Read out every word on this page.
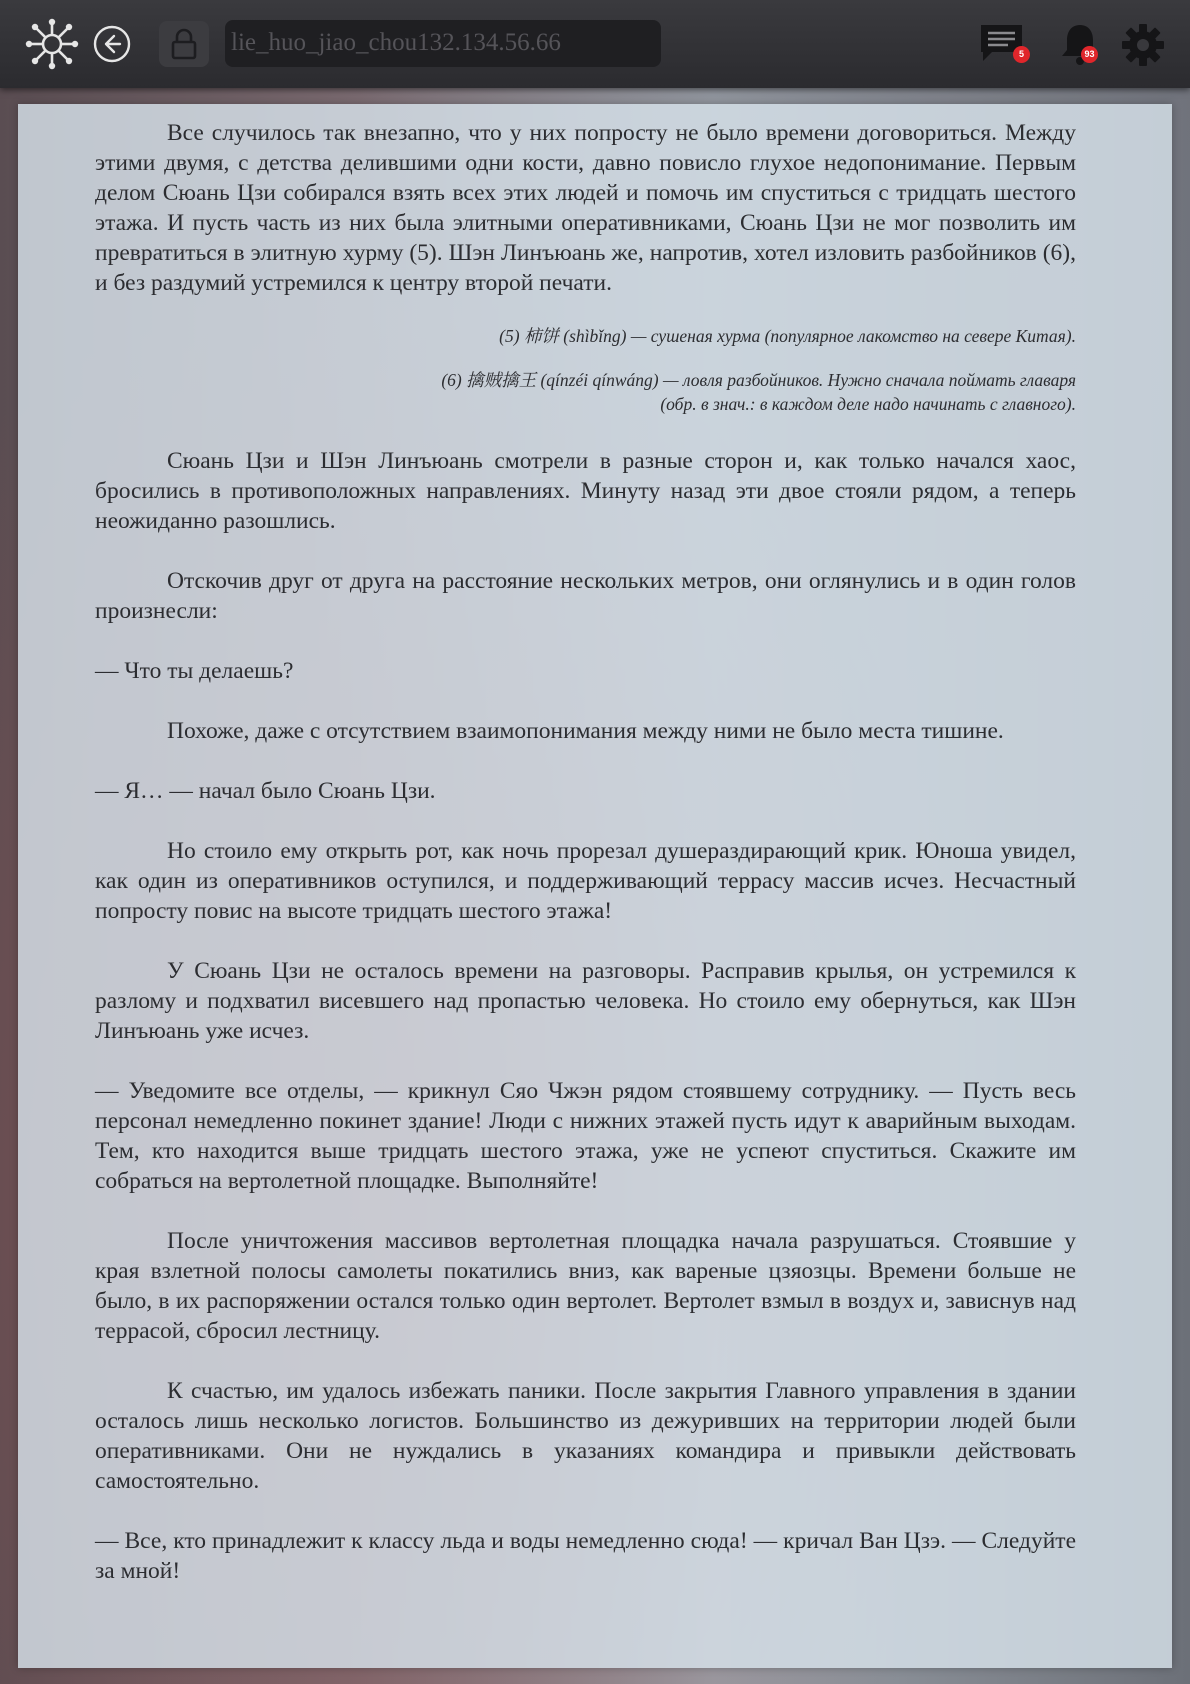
lie_huo_jiao_chou132.134.56.66	5	93

Все случилось так внезапно, что у них попросту не было времени договориться. Между этими двумя, с детства делившими одни кости, давно повисло глухое недопонимание. Первым делом Сюань Цзи собирался взять всех этих людей и помочь им спуститься с тридцать шестого этажа. И пусть часть из них была элитными оперативниками, Сюань Цзи не мог позволить им превратиться в элитную хурму (5). Шэн Линъюань же, напротив, хотел изловить разбойников (6), и без раздумий устремился к центру второй печати.

(5) 柿饼 (shìbǐng) — сушеная хурма (популярное лакомство на севере Китая).

(6) 擒贼擒王 (qínzéi qínwáng) — ловля разбойников. Нужно сначала поймать главаря
(обр. в знач.: в каждом деле надо начинать с главного).

Сюань Цзи и Шэн Линъюань смотрели в разные сторон и, как только начался хаос, бросились в противоположных направлениях. Минуту назад эти двое стояли рядом, а теперь неожиданно разошлись.

Отскочив друг от друга на расстояние нескольких метров, они оглянулись и в один голов произнесли:

— Что ты делаешь?

Похоже, даже с отсутствием взаимопонимания между ними не было места тишине.

— Я… — начал было Сюань Цзи.

Но стоило ему открыть рот, как ночь прорезал душераздирающий крик. Юноша увидел, как один из оперативников оступился, и поддерживающий террасу массив исчез. Несчастный попросту повис на высоте тридцать шестого этажа!

У Сюань Цзи не осталось времени на разговоры. Расправив крылья, он устремился к разлому и подхватил висевшего над пропастью человека. Но стоило ему обернуться, как Шэн Линъюань уже исчез.

— Уведомите все отделы, — крикнул Сяо Чжэн рядом стоявшему сотруднику. — Пусть весь персонал немедленно покинет здание! Люди с нижних этажей пусть идут к аварийным выходам. Тем, кто находится выше тридцать шестого этажа, уже не успеют спуститься. Скажите им собраться на вертолетной площадке. Выполняйте!

После уничтожения массивов вертолетная площадка начала разрушаться. Стоявшие у края взлетной полосы самолеты покатились вниз, как вареные цзяозцы. Времени больше не было, в их распоряжении остался только один вертолет. Вертолет взмыл в воздух и, зависнув над террасой, сбросил лестницу.

К счастью, им удалось избежать паники. После закрытия Главного управления в здании осталось лишь несколько логистов. Большинство из дежуривших на территории людей были оперативниками. Они не нуждались в указаниях командира и привыкли действовать самостоятельно.

— Все, кто принадлежит к классу льда и воды немедленно сюда! — кричал Ван Цзэ. — Следуйте за мной!
